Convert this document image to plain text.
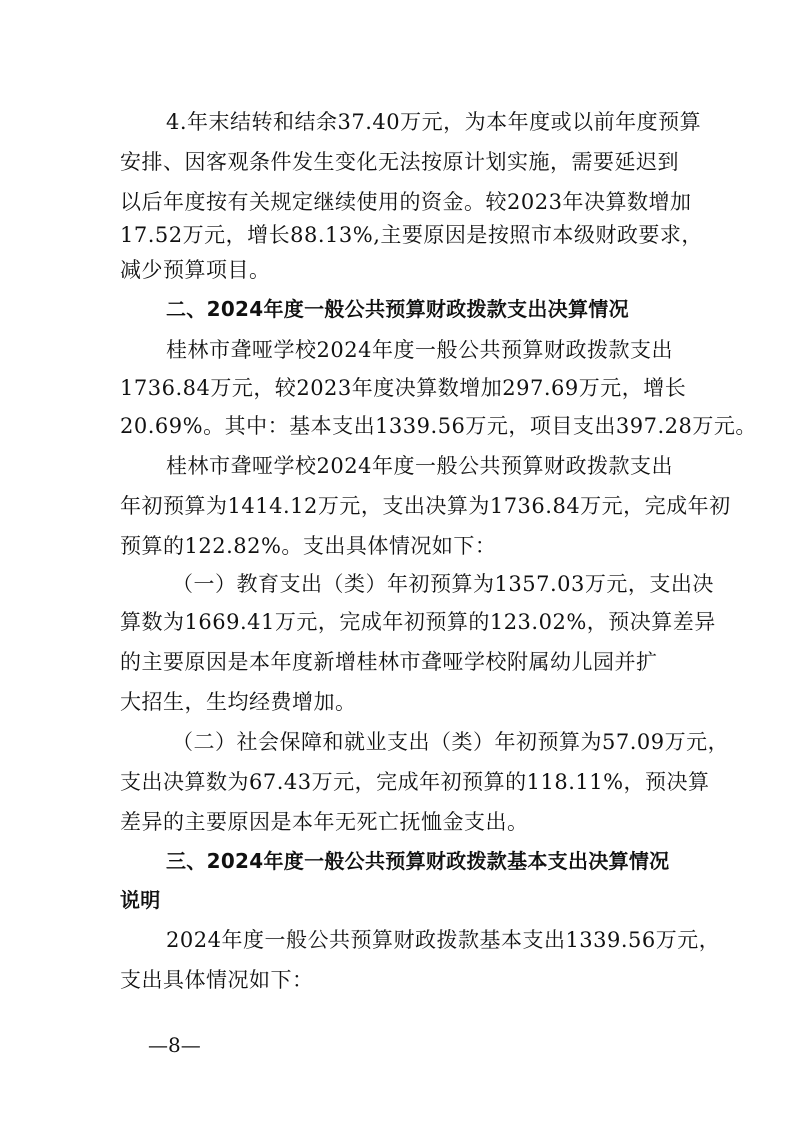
4.年末结转和结余37.40万元，为本年度或以前年度预算
安排、因客观条件发生变化无法按原计划实施，需要延迟到
以后年度按有关规定继续使用的资金。较2023年决算数增加
17.52万元，增长88.13%,主要原因是按照市本级财政要求，
减少预算项目。
二、2024年度一般公共预算财政拨款支出决算情况
桂林市聋哑学校2024年度一般公共预算财政拨款支出
1736.84万元，较2023年度决算数增加297.69万元，增长
20.69%。其中：基本支出1339.56万元，项目支出397.28万元。
桂林市聋哑学校2024年度一般公共预算财政拨款支出
年初预算为1414.12万元，支出决算为1736.84万元，完成年初
预算的122.82%。支出具体情况如下：
（一）教育支出（类）年初预算为1357.03万元，支出决
算数为1669.41万元，完成年初预算的123.02%，预决算差异
的主要原因是本年度新增桂林市聋哑学校附属幼儿园并扩
大招生，生均经费增加。
（二）社会保障和就业支出（类）年初预算为57.09万元，
支出决算数为67.43万元，完成年初预算的118.11%，预决算
差异的主要原因是本年无死亡抚恤金支出。
三、2024年度一般公共预算财政拨款基本支出决算情况
说明
2024年度一般公共预算财政拨款基本支出1339.56万元，
支出具体情况如下：
—8—
